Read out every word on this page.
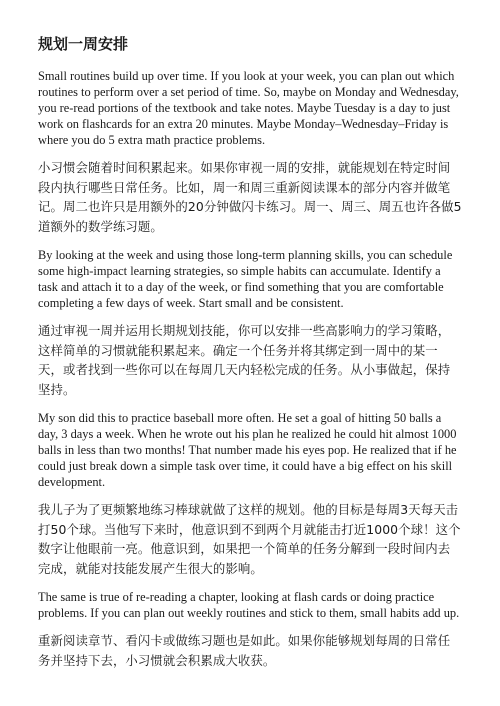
规划一周安排

Small routines build up over time. If you look at your week, you can plan out which routines to perform over a set period of time. So, maybe on Monday and Wednesday, you re-read portions of the textbook and take notes. Maybe Tuesday is a day to just work on flashcards for an extra 20 minutes. Maybe Monday–Wednesday–Friday is where you do 5 extra math practice problems.

小习惯会随着时间积累起来。如果你审视一周的安排，就能规划在特定时间段内执行哪些日常任务。比如，周一和周三重新阅读课本的部分内容并做笔记。周二也许只是用额外的20分钟做闪卡练习。周一、周三、周五也许各做5道额外的数学练习题。

By looking at the week and using those long-term planning skills, you can schedule some high-impact learning strategies, so simple habits can accumulate. Identify a task and attach it to a day of the week, or find something that you are comfortable completing a few days of week. Start small and be consistent.

通过审视一周并运用长期规划技能，你可以安排一些高影响力的学习策略，这样简单的习惯就能积累起来。确定一个任务并将其绑定到一周中的某一天，或者找到一些你可以在每周几天内轻松完成的任务。从小事做起，保持坚持。

My son did this to practice baseball more often. He set a goal of hitting 50 balls a day, 3 days a week. When he wrote out his plan he realized he could hit almost 1000 balls in less than two months! That number made his eyes pop. He realized that if he could just break down a simple task over time, it could have a big effect on his skill development.

我儿子为了更频繁地练习棒球就做了这样的规划。他的目标是每周3天每天击打50个球。当他写下来时，他意识到不到两个月就能击打近1000个球！这个数字让他眼前一亮。他意识到，如果把一个简单的任务分解到一段时间内去完成，就能对技能发展产生很大的影响。

The same is true of re-reading a chapter, looking at flash cards or doing practice problems. If you can plan out weekly routines and stick to them, small habits add up.

重新阅读章节、看闪卡或做练习题也是如此。如果你能够规划每周的日常任务并坚持下去，小习惯就会积累成大收获。
